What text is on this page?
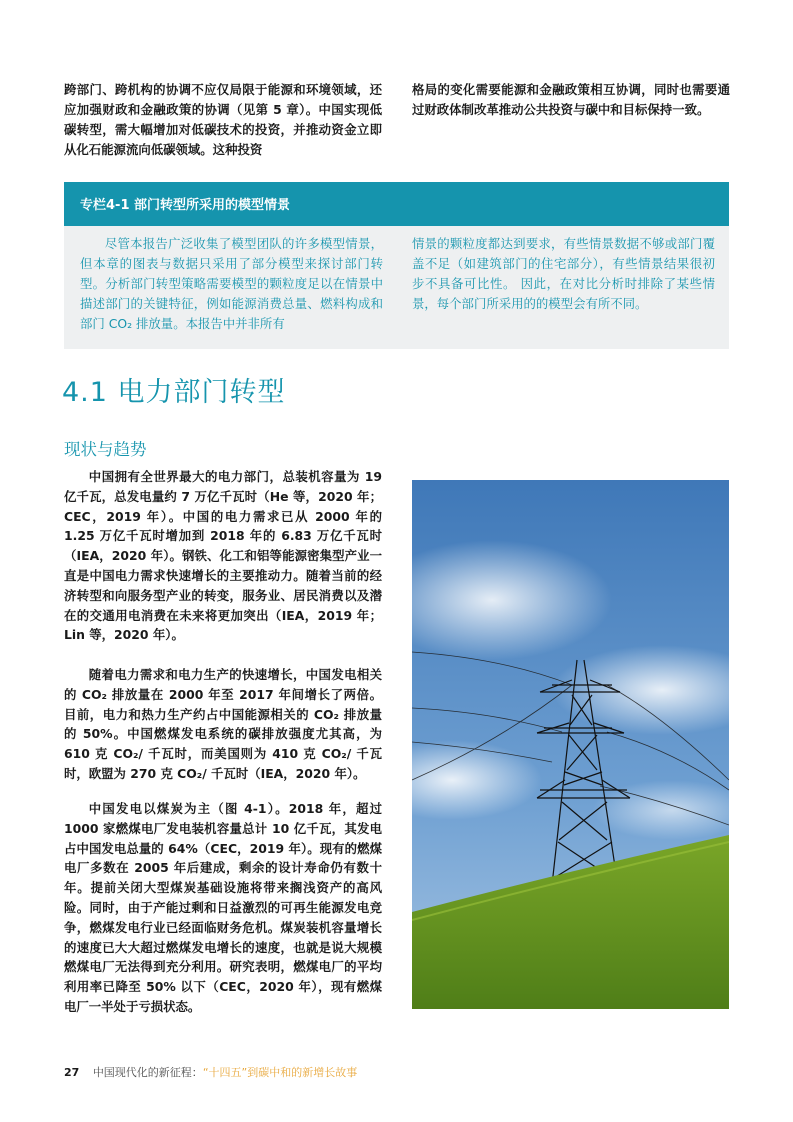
跨部门、跨机构的协调不应仅局限于能源和环境领域，还应加强财政和金融政策的协调（见第 5 章）。中国实现低碳转型，需大幅增加对低碳技术的投资，并推动资金立即从化石能源流向低碳领域。这种投资
格局的变化需要能源和金融政策相互协调，同时也需要通过财政体制改革推动公共投资与碳中和目标保持一致。
专栏4-1 部门转型所采用的模型情景
尽管本报告广泛收集了模型团队的许多模型情景，但本章的图表与数据只采用了部分模型来探讨部门转型。分析部门转型策略需要模型的颗粒度足以在情景中描述部门的关键特征，例如能源消费总量、燃料构成和部门 CO₂ 排放量。本报告中并非所有
情景的颗粒度都达到要求，有些情景数据不够或部门覆盖不足（如建筑部门的住宅部分），有些情景结果很初步不具备可比性。 因此，在对比分析时排除了某些情景，每个部门所采用的的模型会有所不同。
4.1 电力部门转型
现状与趋势
中国拥有全世界最大的电力部门，总装机容量为 19 亿千瓦，总发电量约 7 万亿千瓦时（He 等，2020 年；CEC，2019 年）。中国的电力需求已从 2000 年的 1.25 万亿千瓦时增加到 2018 年的 6.83 万亿千瓦时（IEA，2020 年）。钢铁、化工和铝等能源密集型产业一直是中国电力需求快速增长的主要推动力。随着当前的经济转型和向服务型产业的转变，服务业、居民消费以及潜在的交通用电消费在未来将更加突出（IEA，2019 年；Lin 等，2020 年）。
随着电力需求和电力生产的快速增长，中国发电相关的 CO₂ 排放量在 2000 年至 2017 年间增长了两倍。目前，电力和热力生产约占中国能源相关的 CO₂ 排放量的 50%。中国燃煤发电系统的碳排放强度尤其高，为 610 克 CO₂/ 千瓦时，而美国则为 410 克 CO₂/ 千瓦时，欧盟为 270 克 CO₂/ 千瓦时（IEA，2020 年）。
中国发电以煤炭为主（图 4-1）。2018 年，超过 1000 家燃煤电厂发电装机容量总计 10 亿千瓦，其发电占中国发电总量的 64%（CEC，2019 年）。现有的燃煤电厂多数在 2005 年后建成，剩余的设计寿命仍有数十年。提前关闭大型煤炭基础设施将带来搁浅资产的高风险。同时，由于产能过剩和日益激烈的可再生能源发电竞争，燃煤发电行业已经面临财务危机。煤炭装机容量增长的速度已大大超过燃煤发电增长的速度，也就是说大规模燃煤电厂无法得到充分利用。研究表明，燃煤电厂的平均利用率已降至 50% 以下（CEC，2020 年），现有燃煤电厂一半处于亏损状态。
27 中国现代化的新征程：“十四五”到碳中和的新增长故事
